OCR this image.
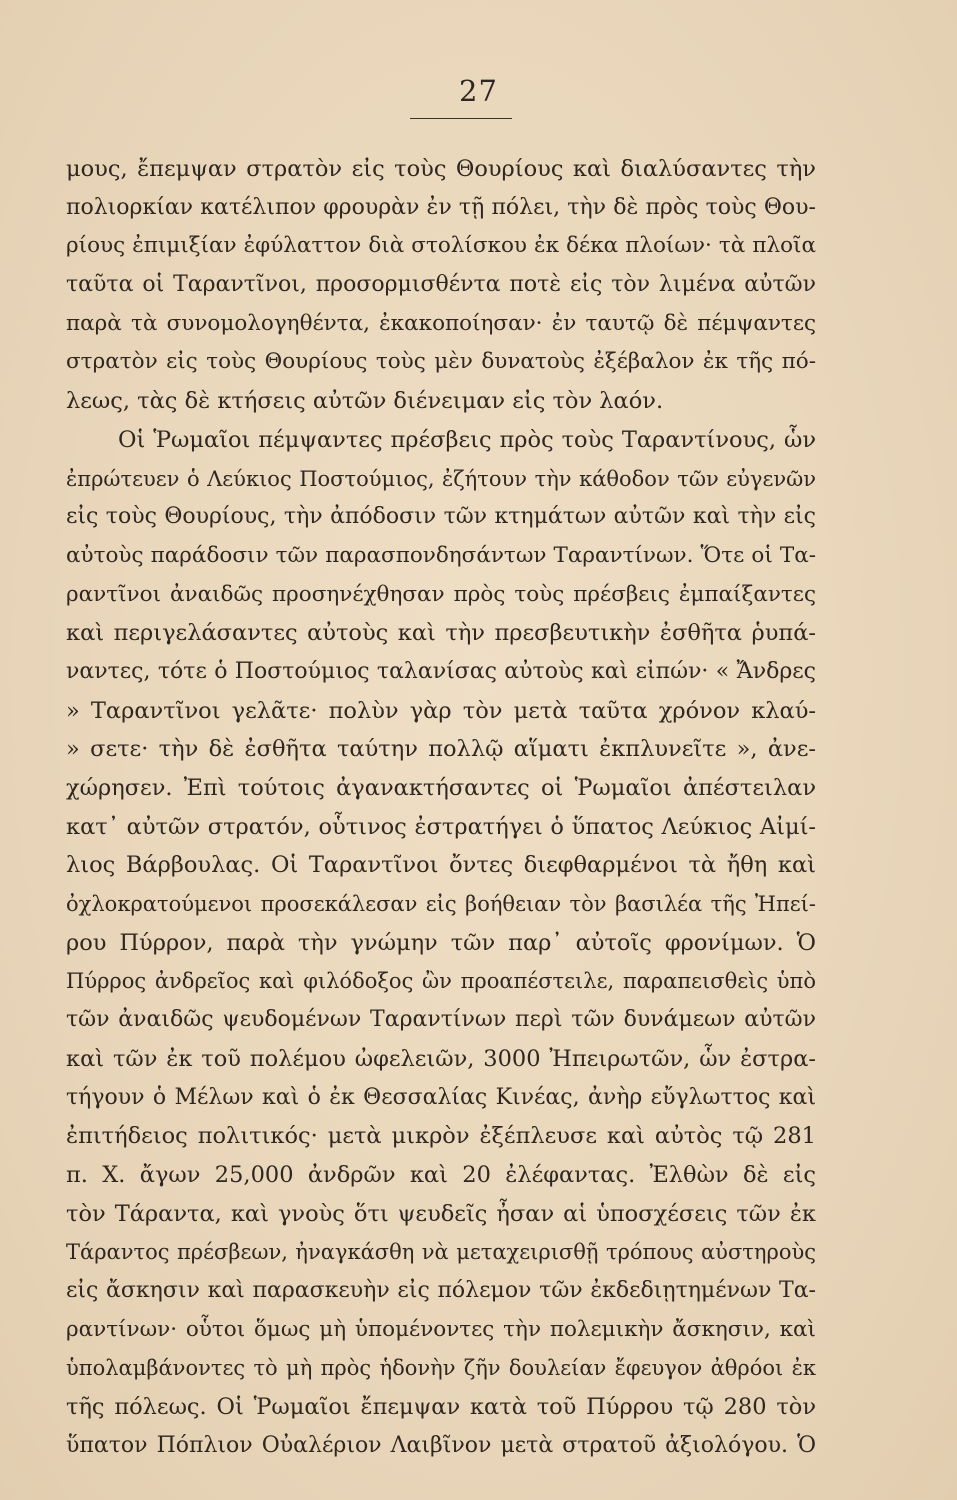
27
μους, ἔπεμψαν στρατὸν εἰς τοὺς Θουρίους καὶ διαλύσαντες τὴν
πολιορκίαν κατέλιπον φρουρὰν ἐν τῇ πόλει, τὴν δὲ πρὸς τοὺς Θου-
ρίους ἐπιμιξίαν ἐφύλαττον διὰ στολίσκου ἐκ δέκα πλοίων· τὰ πλοῖα
ταῦτα οἱ Ταραντῖνοι, προσορμισθέντα ποτὲ εἰς τὸν λιμένα αὐτῶν
παρὰ τὰ συνομολογηθέντα, ἐκακοποίησαν· ἐν ταυτῷ δὲ πέμψαντες
στρατὸν εἰς τοὺς Θουρίους τοὺς μὲν δυνατοὺς ἐξέβαλον ἐκ τῆς πό-
λεως, τὰς δὲ κτήσεις αὐτῶν διένειμαν εἰς τὸν λαόν.
Οἱ Ῥωμαῖοι πέμψαντες πρέσβεις πρὸς τοὺς Ταραντίνους, ὧν
ἐπρώτευεν ὁ Λεύκιος Ποστούμιος, ἐζήτουν τὴν κάθοδον τῶν εὐγενῶν
εἰς τοὺς Θουρίους, τὴν ἀπόδοσιν τῶν κτημάτων αὐτῶν καὶ τὴν εἰς
αὐτοὺς παράδοσιν τῶν παρασπονδησάντων Ταραντίνων. Ὅτε οἱ Τα-
ραντῖνοι ἀναιδῶς προσηνέχθησαν πρὸς τοὺς πρέσβεις ἐμπαίξαντες
καὶ περιγελάσαντες αὐτοὺς καὶ τὴν πρεσβευτικὴν ἐσθῆτα ῥυπά-
ναντες, τότε ὁ Ποστούμιος ταλανίσας αὐτοὺς καὶ εἰπών· « Ἄνδρες
» Ταραντῖνοι γελᾶτε· πολὺν γὰρ τὸν μετὰ ταῦτα χρόνον κλαύ-
» σετε· τὴν δὲ ἐσθῆτα ταύτην πολλῷ αἵματι ἐκπλυνεῖτε », ἀνε-
χώρησεν. Ἐπὶ τούτοις ἀγανακτήσαντες οἱ Ῥωμαῖοι ἀπέστειλαν
κατ᾽ αὐτῶν στρατόν, οὗτινος ἐστρατήγει ὁ ὕπατος Λεύκιος Αἰμί-
λιος Βάρβουλας. Οἱ Ταραντῖνοι ὄντες διεφθαρμένοι τὰ ἤθη καὶ
ὀχλοκρατούμενοι προσεκάλεσαν εἰς βοήθειαν τὸν βασιλέα τῆς Ἠπεί-
ρου Πύρρον, παρὰ τὴν γνώμην τῶν παρ᾽ αὐτοῖς φρονίμων. Ὁ
Πύρρος ἀνδρεῖος καὶ φιλόδοξος ὢν προαπέστειλε, παραπεισθεὶς ὑπὸ
τῶν ἀναιδῶς ψευδομένων Ταραντίνων περὶ τῶν δυνάμεων αὐτῶν
καὶ τῶν ἐκ τοῦ πολέμου ὠφελειῶν, 3000 Ἠπειρωτῶν, ὧν ἐστρα-
τήγουν ὁ Μέλων καὶ ὁ ἐκ Θεσσαλίας Κινέας, ἀνὴρ εὔγλωττος καὶ
ἐπιτήδειος πολιτικός· μετὰ μικρὸν ἐξέπλευσε καὶ αὐτὸς τῷ 281
π. Χ. ἄγων 25,000 ἀνδρῶν καὶ 20 ἐλέφαντας. Ἐλθὼν δὲ εἰς
τὸν Τάραντα, καὶ γνοὺς ὅτι ψευδεῖς ἦσαν αἱ ὑποσχέσεις τῶν ἐκ
Τάραντος πρέσβεων, ἠναγκάσθη νὰ μεταχειρισθῇ τρόπους αὐστηροὺς
εἰς ἄσκησιν καὶ παρασκευὴν εἰς πόλεμον τῶν ἐκδεδιῃτημένων Τα-
ραντίνων· οὗτοι ὅμως μὴ ὑπομένοντες τὴν πολεμικὴν ἄσκησιν, καὶ
ὑπολαμβάνοντες τὸ μὴ πρὸς ἡδονὴν ζῆν δουλείαν ἔφευγον ἀθρόοι ἐκ
τῆς πόλεως. Οἱ Ῥωμαῖοι ἔπεμψαν κατὰ τοῦ Πύρρου τῷ 280 τὸν
ὕπατον Πόπλιον Οὐαλέριον Λαιβῖνον μετὰ στρατοῦ ἀξιολόγου. Ὁ
